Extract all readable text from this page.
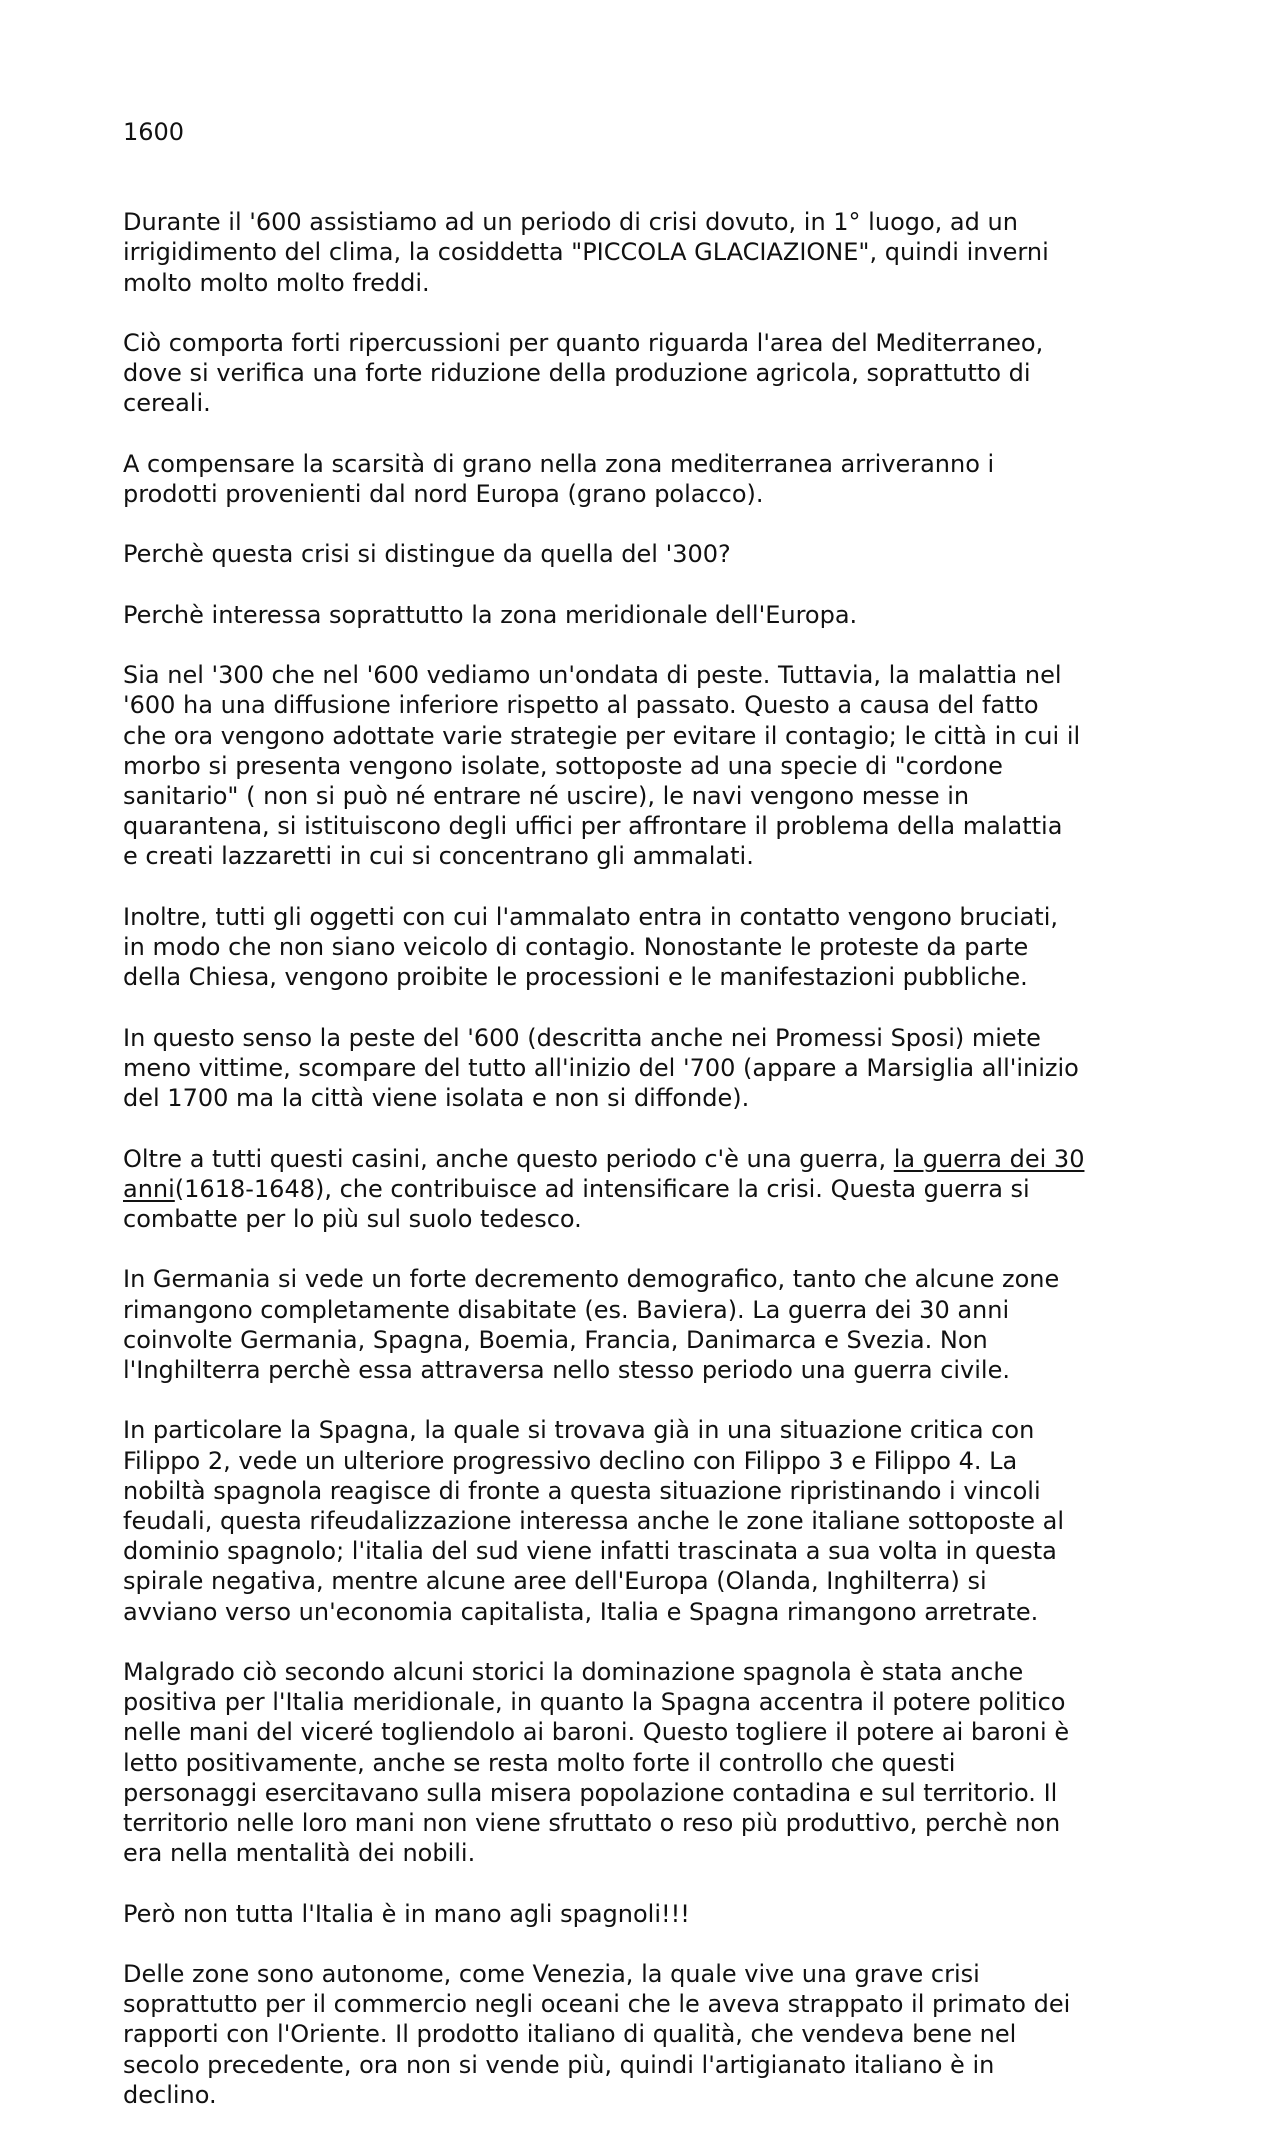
1600

Durante il '600 assistiamo ad un periodo di crisi dovuto, in 1° luogo, ad un
irrigidimento del clima, la cosiddetta "PICCOLA GLACIAZIONE", quindi inverni
molto molto molto freddi.

Ciò comporta forti ripercussioni per quanto riguarda l'area del Mediterraneo,
dove si verifica una forte riduzione della produzione agricola, soprattutto di
cereali.

A compensare la scarsità di grano nella zona mediterranea arriveranno i
prodotti provenienti dal nord Europa (grano polacco).

Perchè questa crisi si distingue da quella del '300?

Perchè interessa soprattutto la zona meridionale dell'Europa.

Sia nel '300 che nel '600 vediamo un'ondata di peste. Tuttavia, la malattia nel
'600 ha una diffusione inferiore rispetto al passato. Questo a causa del fatto
che ora vengono adottate varie strategie per evitare il contagio; le città in cui il
morbo si presenta vengono isolate, sottoposte ad una specie di "cordone
sanitario" ( non si può né entrare né uscire), le navi vengono messe in
quarantena, si istituiscono degli uffici per affrontare il problema della malattia
e creati lazzaretti in cui si concentrano gli ammalati.

Inoltre, tutti gli oggetti con cui l'ammalato entra in contatto vengono bruciati,
in modo che non siano veicolo di contagio. Nonostante le proteste da parte
della Chiesa, vengono proibite le processioni e le manifestazioni pubbliche.

In questo senso la peste del '600 (descritta anche nei Promessi Sposi) miete
meno vittime, scompare del tutto all'inizio del '700 (appare a Marsiglia all'inizio
del 1700 ma la città viene isolata e non si diffonde).

Oltre a tutti questi casini, anche questo periodo c'è una guerra, la guerra dei 30
anni(1618-1648), che contribuisce ad intensificare la crisi. Questa guerra si
combatte per lo più sul suolo tedesco.

In Germania si vede un forte decremento demografico, tanto che alcune zone
rimangono completamente disabitate (es. Baviera). La guerra dei 30 anni
coinvolte Germania, Spagna, Boemia, Francia, Danimarca e Svezia. Non
l'Inghilterra perchè essa attraversa nello stesso periodo una guerra civile.

In particolare la Spagna, la quale si trovava già in una situazione critica con
Filippo 2, vede un ulteriore progressivo declino con Filippo 3 e Filippo 4. La
nobiltà spagnola reagisce di fronte a questa situazione ripristinando i vincoli
feudali, questa rifeudalizzazione interessa anche le zone italiane sottoposte al
dominio spagnolo; l'italia del sud viene infatti trascinata a sua volta in questa
spirale negativa, mentre alcune aree dell'Europa (Olanda, Inghilterra) si
avviano verso un'economia capitalista, Italia e Spagna rimangono arretrate.

Malgrado ciò secondo alcuni storici la dominazione spagnola è stata anche
positiva per l'Italia meridionale, in quanto la Spagna accentra il potere politico
nelle mani del viceré togliendolo ai baroni. Questo togliere il potere ai baroni è
letto positivamente, anche se resta molto forte il controllo che questi
personaggi esercitavano sulla misera popolazione contadina e sul territorio. Il
territorio nelle loro mani non viene sfruttato o reso più produttivo, perchè non
era nella mentalità dei nobili.

Però non tutta l'Italia è in mano agli spagnoli!!!

Delle zone sono autonome, come Venezia, la quale vive una grave crisi
soprattutto per il commercio negli oceani che le aveva strappato il primato dei
rapporti con l'Oriente. Il prodotto italiano di qualità, che vendeva bene nel
secolo precedente, ora non si vende più, quindi l'artigianato italiano è in
declino.
